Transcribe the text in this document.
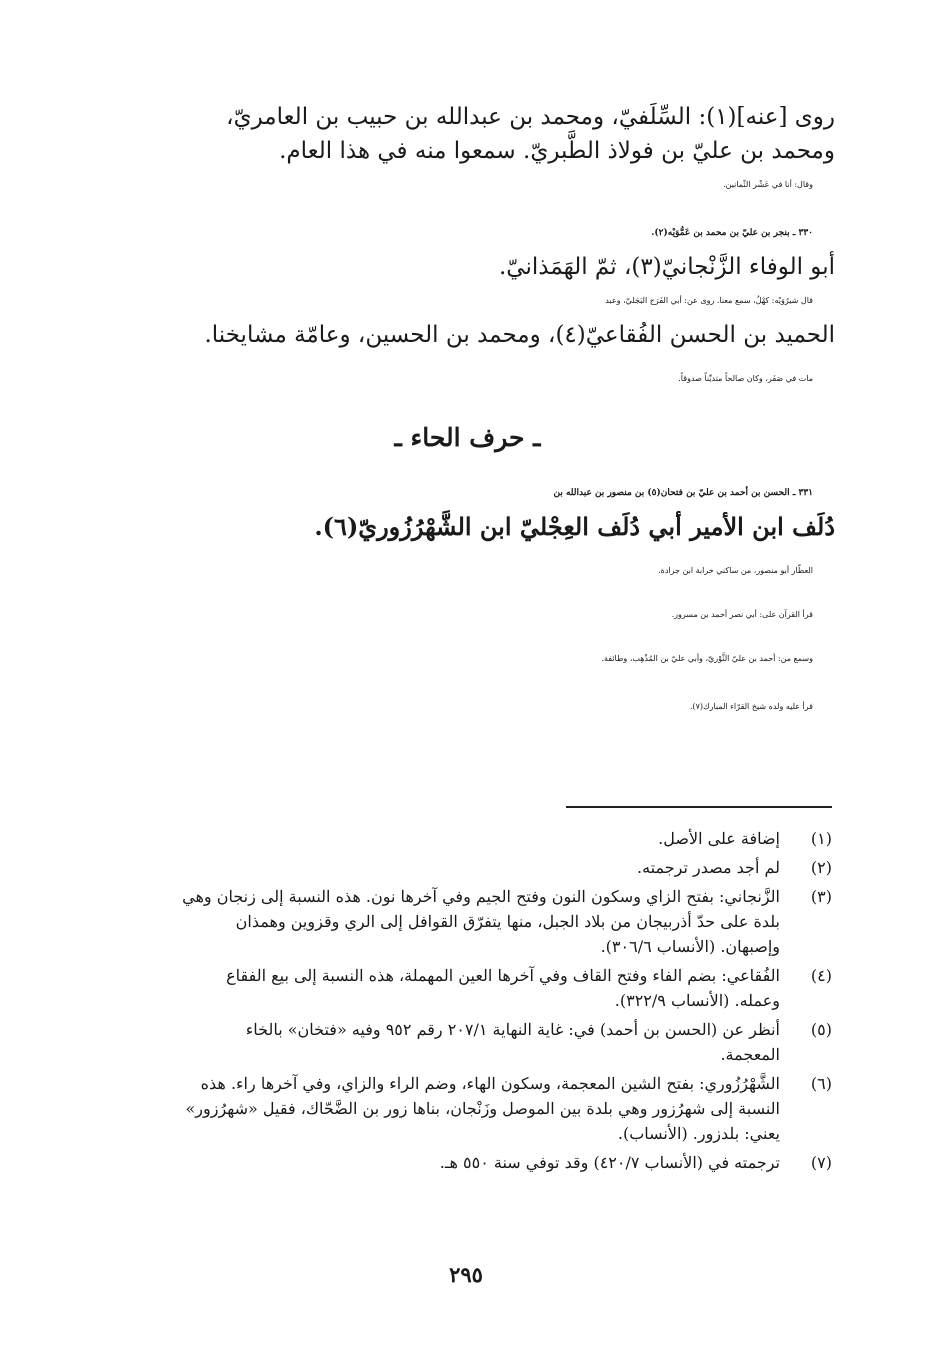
روى [عنه](١): السِّلَفيّ، ومحمد بن عبدالله بن حبيب بن العامريّ،
ومحمد بن عليّ بن فولاذ الطَّبريّ. سمعوا منه في هذا العام.
وقال: أنا في عَشْر الثّمانين.
٣٣٠ ـ بنجر بن عليّ بن محمد بن عَمُّوَيْه(٢).
أبو الوفاء الزَّنْجانيّ(٣)، ثمّ الهَمَذانيّ.
قال شيرُوَيْه: كهْلٌ، سمع معنا. روى عن: أبي الفَرَج البَجَليّ، وعبد
الحميد بن الحسن الفُقاعيّ(٤)، ومحمد بن الحسين، وعامّة مشايخنا.
مات في صَفَر، وكان صالحاً متديِّناً صدوقاً.
ـ حرف الحاء ـ
٣٣١ ـ الحسن بن أحمد بن عليّ بن فتحان(٥) بن منصور بن عبدالله بن
دُلَف ابن الأمير أبي دُلَف العِجْليّ ابن الشَّهْرُزُوريّ(٦).
العطّار أبو منصور، من ساكني خرابة ابن جرادة.
قرأ القرآن على: أبي نصر أحمد بن مسرور.
وسمع من: أحمد بن عليّ الثَّوْريّ، وأبي عليّ بن المُذْهِب، وطائفة.
قرأ عليه ولده شيخ القرّاء المبارك(٧).
(١)
إضافة على الأصل.
(٢)
لم أجد مصدر ترجمته.
(٣)
الزَّنجاني: بفتح الزاي وسكون النون وفتح الجيم وفي آخرها نون. هذه النسبة إلى زنجان وهي
بلدة على حدّ أذربيجان من بلاد الجبل، منها يتفرّق القوافل إلى الري وقزوين وهمذان
وإصبهان. (الأنساب ٣٠٦/٦).
(٤)
الفُقاعي: بضم الفاء وفتح القاف وفي آخرها العين المهملة، هذه النسبة إلى بيع الفقاع
وعمله. (الأنساب ٣٢٢/٩).
(٥)
أنظر عن (الحسن بن أحمد) في: غاية النهاية ٢٠٧/١ رقم ٩٥٢ وفيه «فتخان» بالخاء
المعجمة.
(٦)
الشَّهْرُزُوري: بفتح الشين المعجمة، وسكون الهاء، وضم الراء والزاي، وفي آخرها راء. هذه
النسبة إلى شهرُزور وهي بلدة بين الموصل وزَنْجان، بناها زور بن الضَّحّاك، فقيل «شهرُزور»
يعني: بلدزور. (الأنساب).
(٧)
ترجمته في (الأنساب ٤٢٠/٧) وقد توفي سنة ٥٥٠ هـ.
٢٩٥
